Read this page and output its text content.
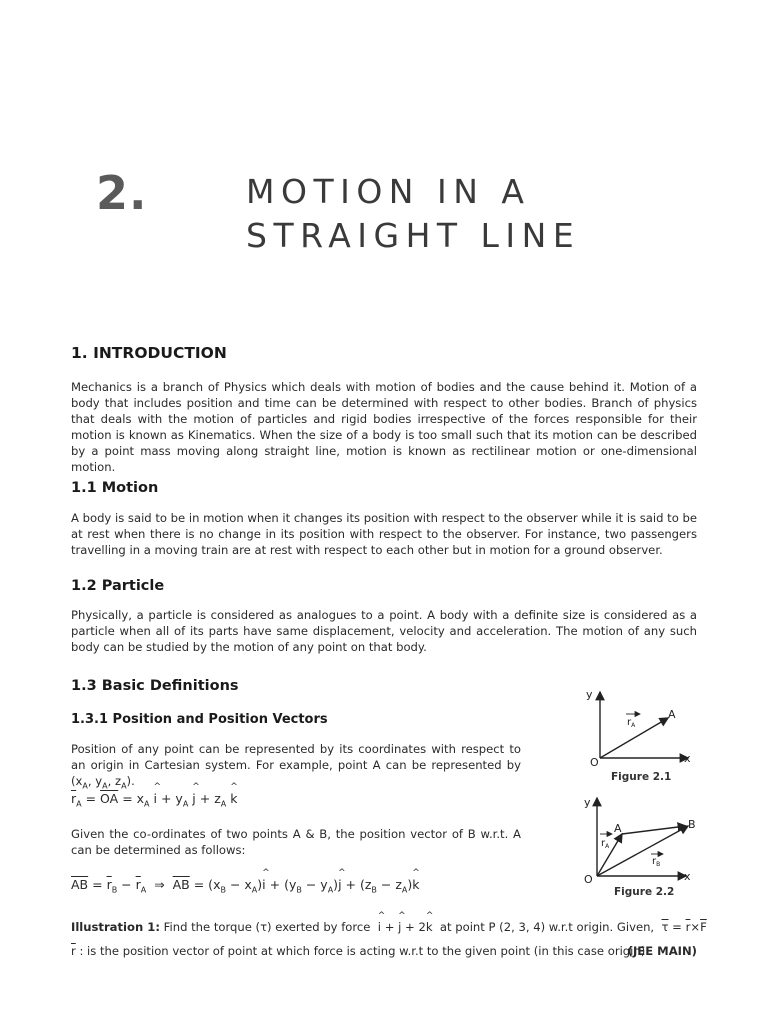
2.	MOTION IN A
STRAIGHT LINE
1. INTRODUCTION
Mechanics is a branch of Physics which deals with motion of bodies and the cause behind it. Motion of a body that includes position and time can be determined with respect to other bodies. Branch of physics that deals with the motion of particles and rigid bodies irrespective of the forces responsible for their motion is known as Kinematics. When the size of a body is too small such that its motion can be described by a point mass moving along straight line, motion is known as rectilinear motion or one-dimensional motion.
1.1 Motion
A body is said to be in motion when it changes its position with respect to the observer while it is said to be at rest when there is no change in its position with respect to the observer. For instance, two passengers travelling in a moving train are at rest with respect to each other but in motion for a ground observer.
1.2 Particle
Physically, a particle is considered as analogues to a point. A body with a definite size is considered as a particle when all of its parts have same displacement, velocity and acceleration. The motion of any such body can be studied by the motion of any point on that body.
1.3 Basic Definitions
1.3.1 Position and Position Vectors
Position of any point can be represented by its coordinates with respect to an origin in Cartesian system. For example, point A can be represented by ($x_A$, $y_A$, $z_A$).
$\overline{r}_A = \overline{OA} = x_A$ ^ $i + y_A$ ^ $j + z_A$ ^ k
Given the co-ordinates of two points A & B, the position vector of B w.r.t. A can be determined as follows:
$\overline{AB} = \overline{r}_B - \overline{r}_A$  ⇒  $\overline{AB} = (x_B$ − $x_A)\^{}$ $i + (y_B$ − $y_A)\^{}$ $j + (z_B$ − $z_A)\^{}$ k
Illustration 1: Find the torque (τ) exerted by force ^ i + ^ j + 2^ k at point P (2, 3, 4) w.r.t origin. Given, $\overline{\tau} = \overline{r}\times\overline{F}$
$\overline{r}$ : is the position vector of point at which force is acting w.r.t to the given point (in this case origin)
(JEE MAIN)
y
x
O
A
$r_A$
Figure 2.1
y
x
O
A	B
$r_A$
$r_B$
Figure 2.2
